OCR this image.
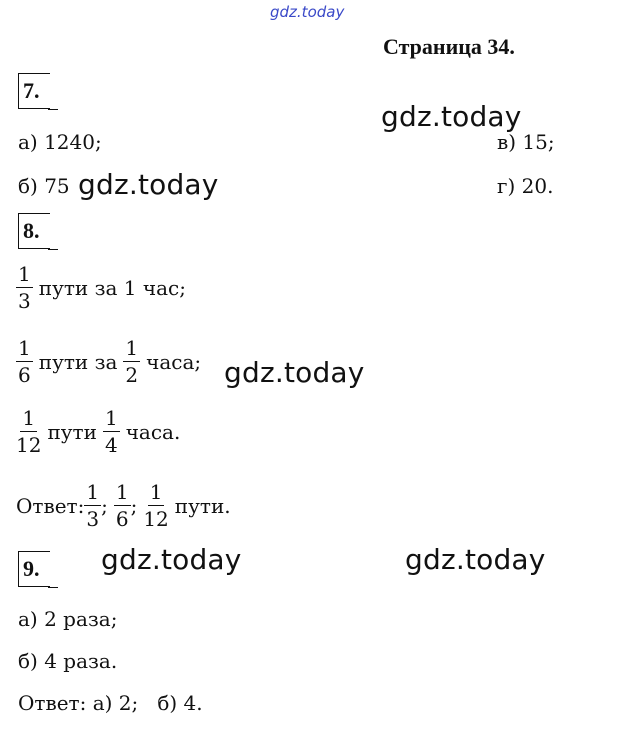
gdz.today
Страница 34.
7.
gdz.today
а) 1240;	в) 15;
б) 75 gdz.today	г) 20.
8.
$\frac{1}{3}$ пути за 1 час;
$\frac{1}{6}$ пути за $\frac{1}{2}$ часа; gdz.today
$\frac{1}{12}$ пути $\frac{1}{4}$ часа.
Ответ: $\frac{1}{3}$ ; $\frac{1}{6}$ ; $\frac{1}{12}$ пути.
9.	gdz.today	gdz.today
а) 2 раза;
б) 4 раза.
Ответ: а) 2;   б) 4.
